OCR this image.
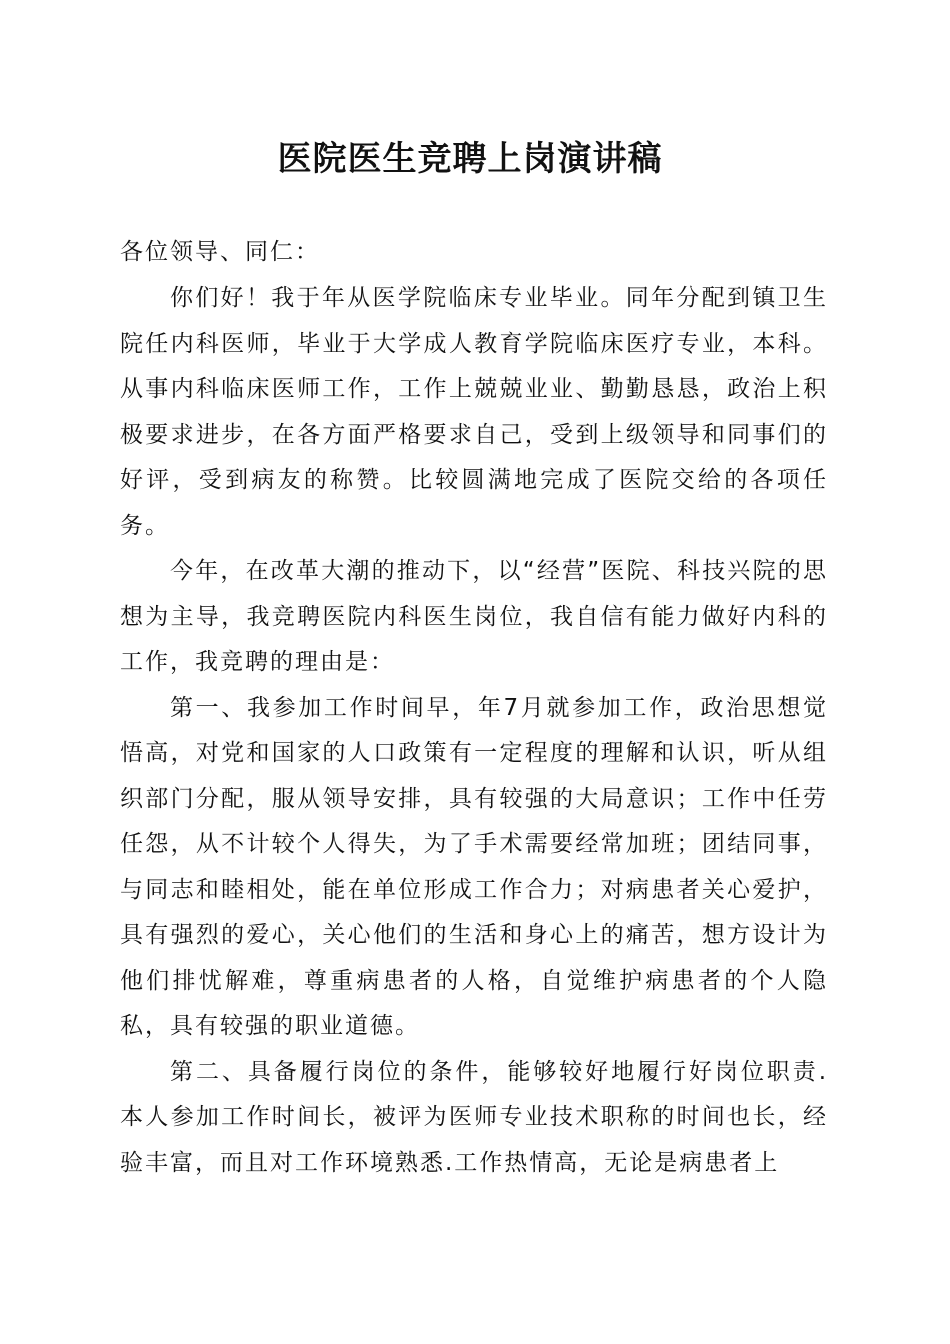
医院医生竞聘上岗演讲稿

各位领导、同仁：

你们好！我于年从医学院临床专业毕业。同年分配到镇卫生院任内科医师，毕业于大学成人教育学院临床医疗专业，本科。从事内科临床医师工作，工作上兢兢业业、勤勤恳恳，政治上积极要求进步，在各方面严格要求自己，受到上级领导和同事们的好评，受到病友的称赞。比较圆满地完成了医院交给的各项任务。

今年，在改革大潮的推动下，以“经营”医院、科技兴院的思想为主导，我竞聘医院内科医生岗位，我自信有能力做好内科的工作，我竞聘的理由是：

第一、我参加工作时间早，年7月就参加工作，政治思想觉悟高，对党和国家的人口政策有一定程度的理解和认识，听从组织部门分配，服从领导安排，具有较强的大局意识；工作中任劳任怨，从不计较个人得失，为了手术需要经常加班；团结同事，与同志和睦相处，能在单位形成工作合力；对病患者关心爱护，具有强烈的爱心，关心他们的生活和身心上的痛苦，想方设计为他们排忧解难，尊重病患者的人格，自觉维护病患者的个人隐私，具有较强的职业道德。

第二、具备履行岗位的条件，能够较好地履行好岗位职责.本人参加工作时间长，被评为医师专业技术职称的时间也长，经验丰富，而且对工作环境熟悉.工作热情高，无论是病患者上
